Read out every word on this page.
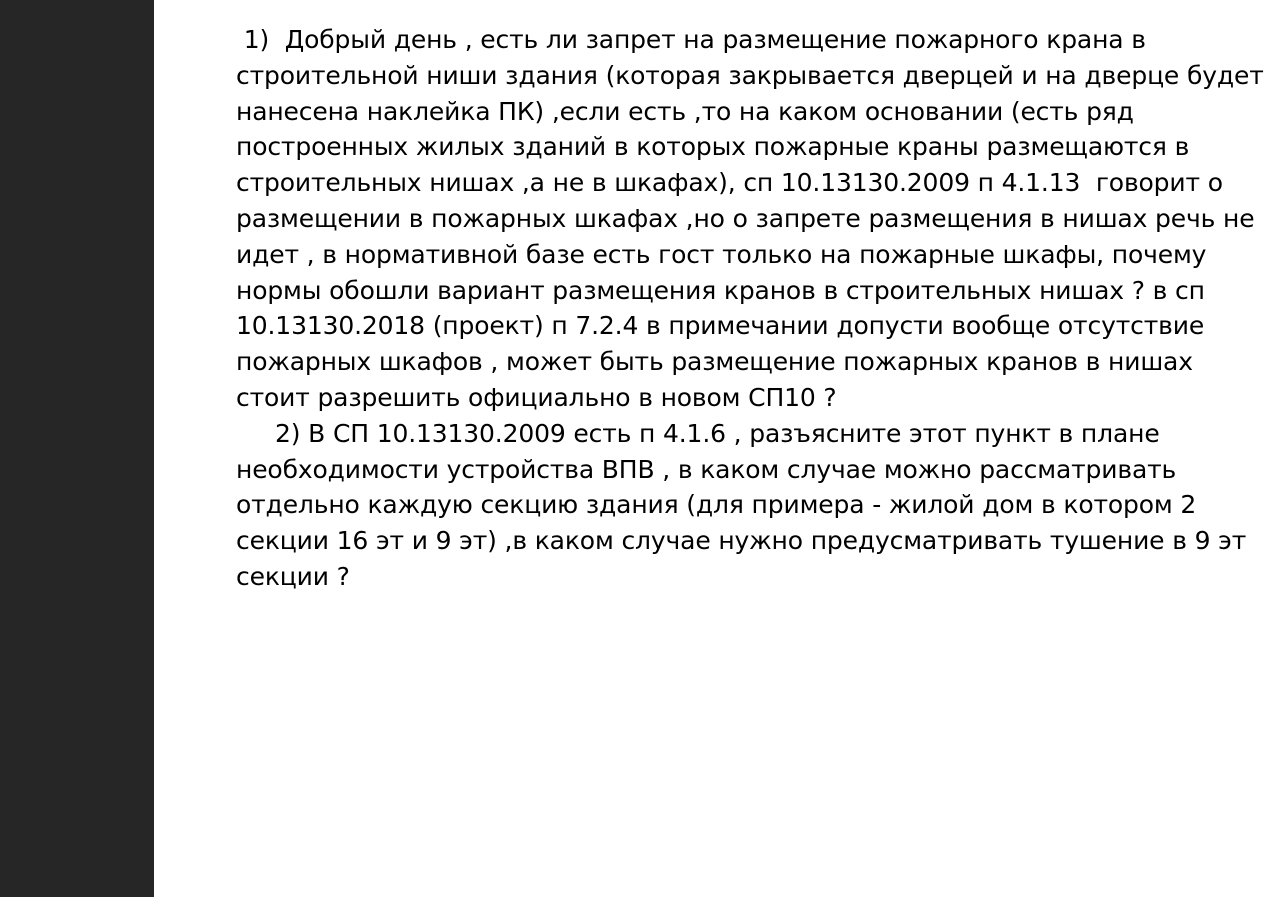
1)  Добрый день , есть ли запрет на размещение пожарного крана в
строительной ниши здания (которая закрывается дверцей и на дверце будет
нанесена наклейка ПК) ,если есть ,то на каком основании (есть ряд
построенных жилых зданий в которых пожарные краны размещаются в
строительных нишах ,а не в шкафах), сп 10.13130.2009 п 4.1.13  говорит о
размещении в пожарных шкафах ,но о запрете размещения в нишах речь не
идет , в нормативной базе есть гост только на пожарные шкафы, почему
нормы обошли вариант размещения кранов в строительных нишах ? в сп
10.13130.2018 (проект) п 7.2.4 в примечании допусти вообще отсутствие
пожарных шкафов , может быть размещение пожарных кранов в нишах
стоит разрешить официально в новом СП10 ?
2) В СП 10.13130.2009 есть п 4.1.6 , разъясните этот пункт в плане
необходимости устройства ВПВ , в каком случае можно рассматривать
отдельно каждую секцию здания (для примера - жилой дом в котором 2
секции 16 эт и 9 эт) ,в каком случае нужно предусматривать тушение в 9 эт
секции ?
